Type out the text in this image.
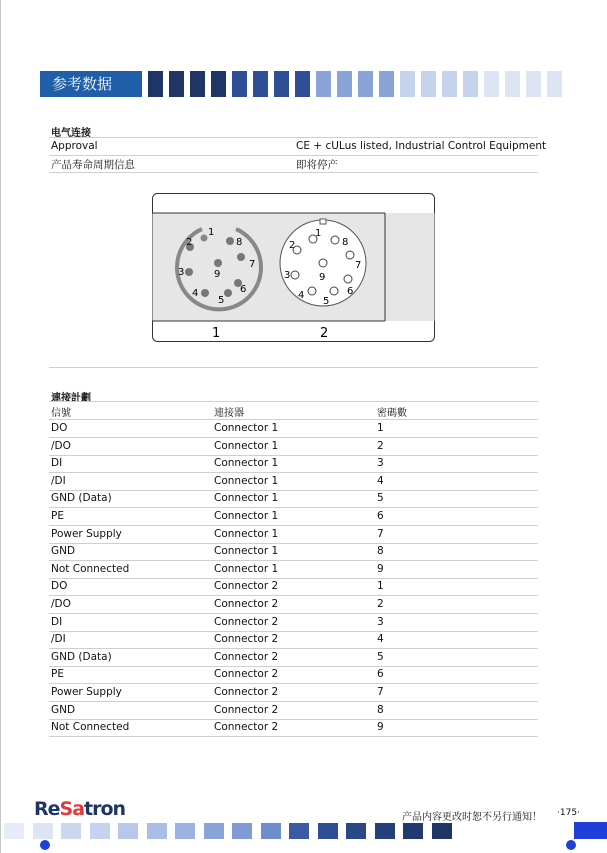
参考数据
电气连接
Approval	CE + cULus listed, Industrial Control Equipment
产品寿命周期信息	即将停产
1
2	8
7
3	9
6
4
5
1
1
2	8
7
3	9
6
4
5
2
連接計劃
信號	連接器	密碼數
DO	Connector 1	1
/DO	Connector 1	2
DI	Connector 1	3
/DI	Connector 1	4
GND (Data)	Connector 1	5
PE	Connector 1	6
Power Supply	Connector 1	7
GND	Connector 1	8
Not Connected	Connector 1	9
DO	Connector 2	1
/DO	Connector 2	2
DI	Connector 2	3
/DI	Connector 2	4
GND (Data)	Connector 2	5
PE	Connector 2	6
Power Supply	Connector 2	7
GND	Connector 2	8
Not Connected	Connector 2	9
ReSatron	产品内容更改时恕不另行通知！ ·175·
